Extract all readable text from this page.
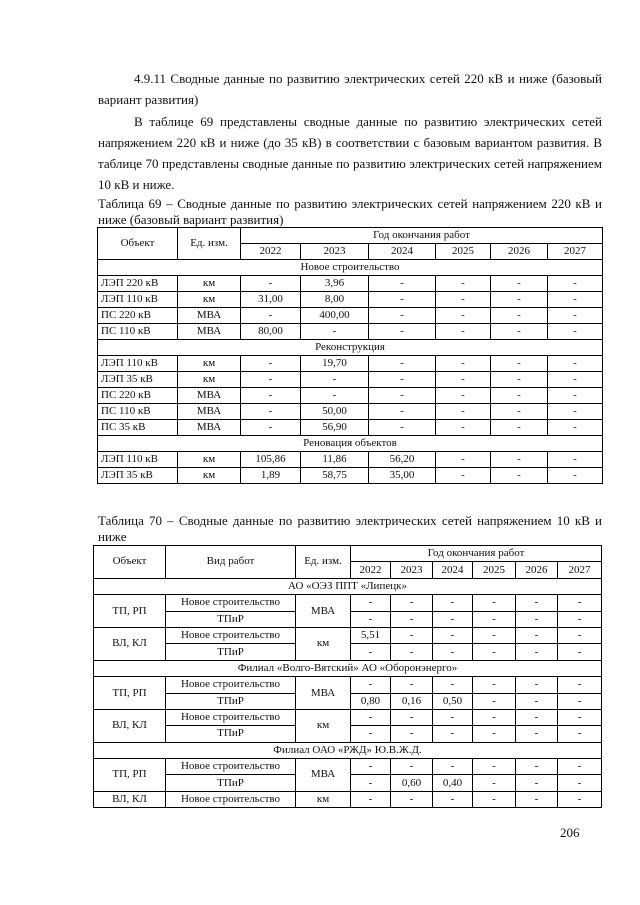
4.9.11 Сводные данные по развитию электрических сетей 220 кВ и ниже (базовый вариант развития)

В таблице 69 представлены сводные данные по развитию электрических сетей напряжением 220 кВ и ниже (до 35 кВ) в соответствии с базовым вариантом развития. В таблице 70 представлены сводные данные по развитию электрических сетей напряжением 10 кВ и ниже.

Таблица 69 – Сводные данные по развитию электрических сетей напряжением 220 кВ и ниже (базовый вариант развития)

Объект	Ед. изм.	Год окончания работ					
		2022	2023	2024	2025	2026	2027
Новое строительство							
ЛЭП 220 кВ	км	-	3,96	-	-	-	-
ЛЭП 110 кВ	км	31,00	8,00	-	-	-	-
ПС 220 кВ	МВА	-	400,00	-	-	-	-
ПС 110 кВ	МВА	80,00	-	-	-	-	-
Реконструкция							
ЛЭП 110 кВ	км	-	19,70	-	-	-	-
ЛЭП 35 кВ	км	-	-	-	-	-	-
ПС 220 кВ	МВА	-	-	-	-	-	-
ПС 110 кВ	МВА	-	50,00	-	-	-	-
ПС 35 кВ	МВА	-	56,90	-	-	-	-
Реновация объектов							
ЛЭП 110 кВ	км	105,86	11,86	56,20	-	-	-
ЛЭП 35 кВ	км	1,89	58,75	35,00	-	-	-

Таблица 70 – Сводные данные по развитию электрических сетей напряжением 10 кВ и ниже

Объект	Вид работ	Ед. изм.	Год окончания работ					
			2022	2023	2024	2025	2026	2027
АО «ОЭЗ ППТ «Липецк»								
ТП, РП	Новое строительство	МВА	-	-	-	-	-	-
	ТПиР		-	-	-	-	-	-
ВЛ, КЛ	Новое строительство	км	5,51	-	-	-	-	-
	ТПиР		-	-	-	-	-	-
Филиал «Волго-Вятский» АО «Оборонэнерго»								
ТП, РП	Новое строительство	МВА	-	-	-	-	-	-
	ТПиР		0,80	0,16	0,50	-	-	-
ВЛ, КЛ	Новое строительство	км	-	-	-	-	-	-
	ТПиР		-	-	-	-	-	-
Филиал ОАО «РЖД» Ю.В.Ж.Д.								
ТП, РП	Новое строительство	МВА	-	-	-	-	-	-
	ТПиР		-	0,60	0,40	-	-	-
ВЛ, КЛ	Новое строительство	км	-	-	-	-	-	-
206
